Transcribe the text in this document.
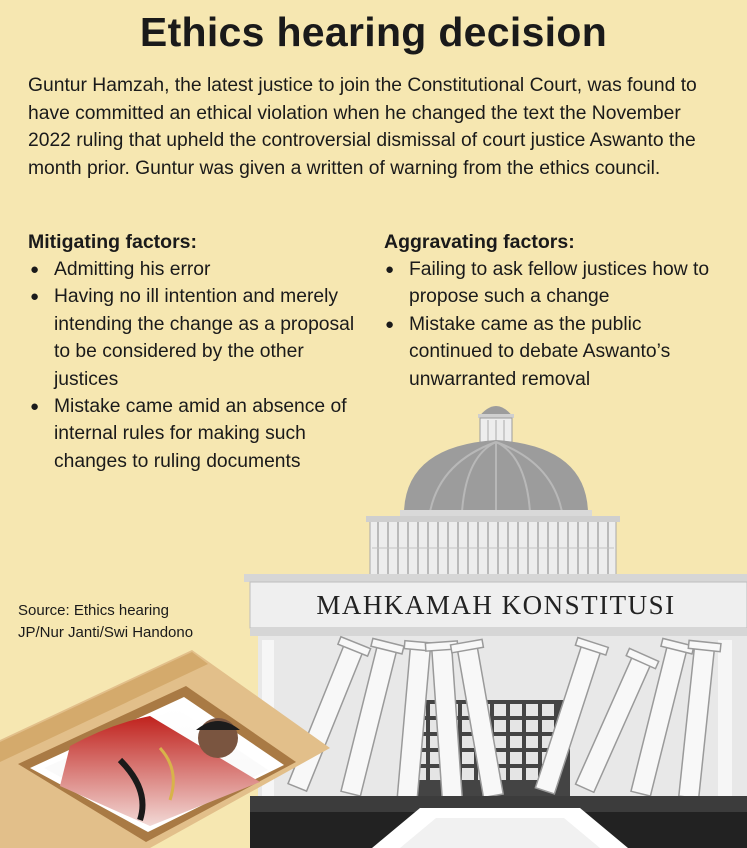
Ethics hearing decision
Guntur Hamzah, the latest justice to join the Constitutional Court, was found to have committed an ethical violation when he changed the text the November 2022 ruling that upheld the controversial dismissal of court justice Aswanto the month prior. Guntur was given a written of warning from the ethics council.
Mitigating factors:
● Admitting his error
● Having no ill intention and merely intending the change as a proposal to be considered by the other justices
● Mistake came amid an absence of internal rules for making such changes to ruling documents
Aggravating factors:
● Failing to ask fellow justices how to propose such a change
● Mistake came as the public continued to debate Aswanto’s unwarranted removal
MAHKAMAH KONSTITUSI
Source: Ethics hearing
JP/Nur Janti/Swi Handono
